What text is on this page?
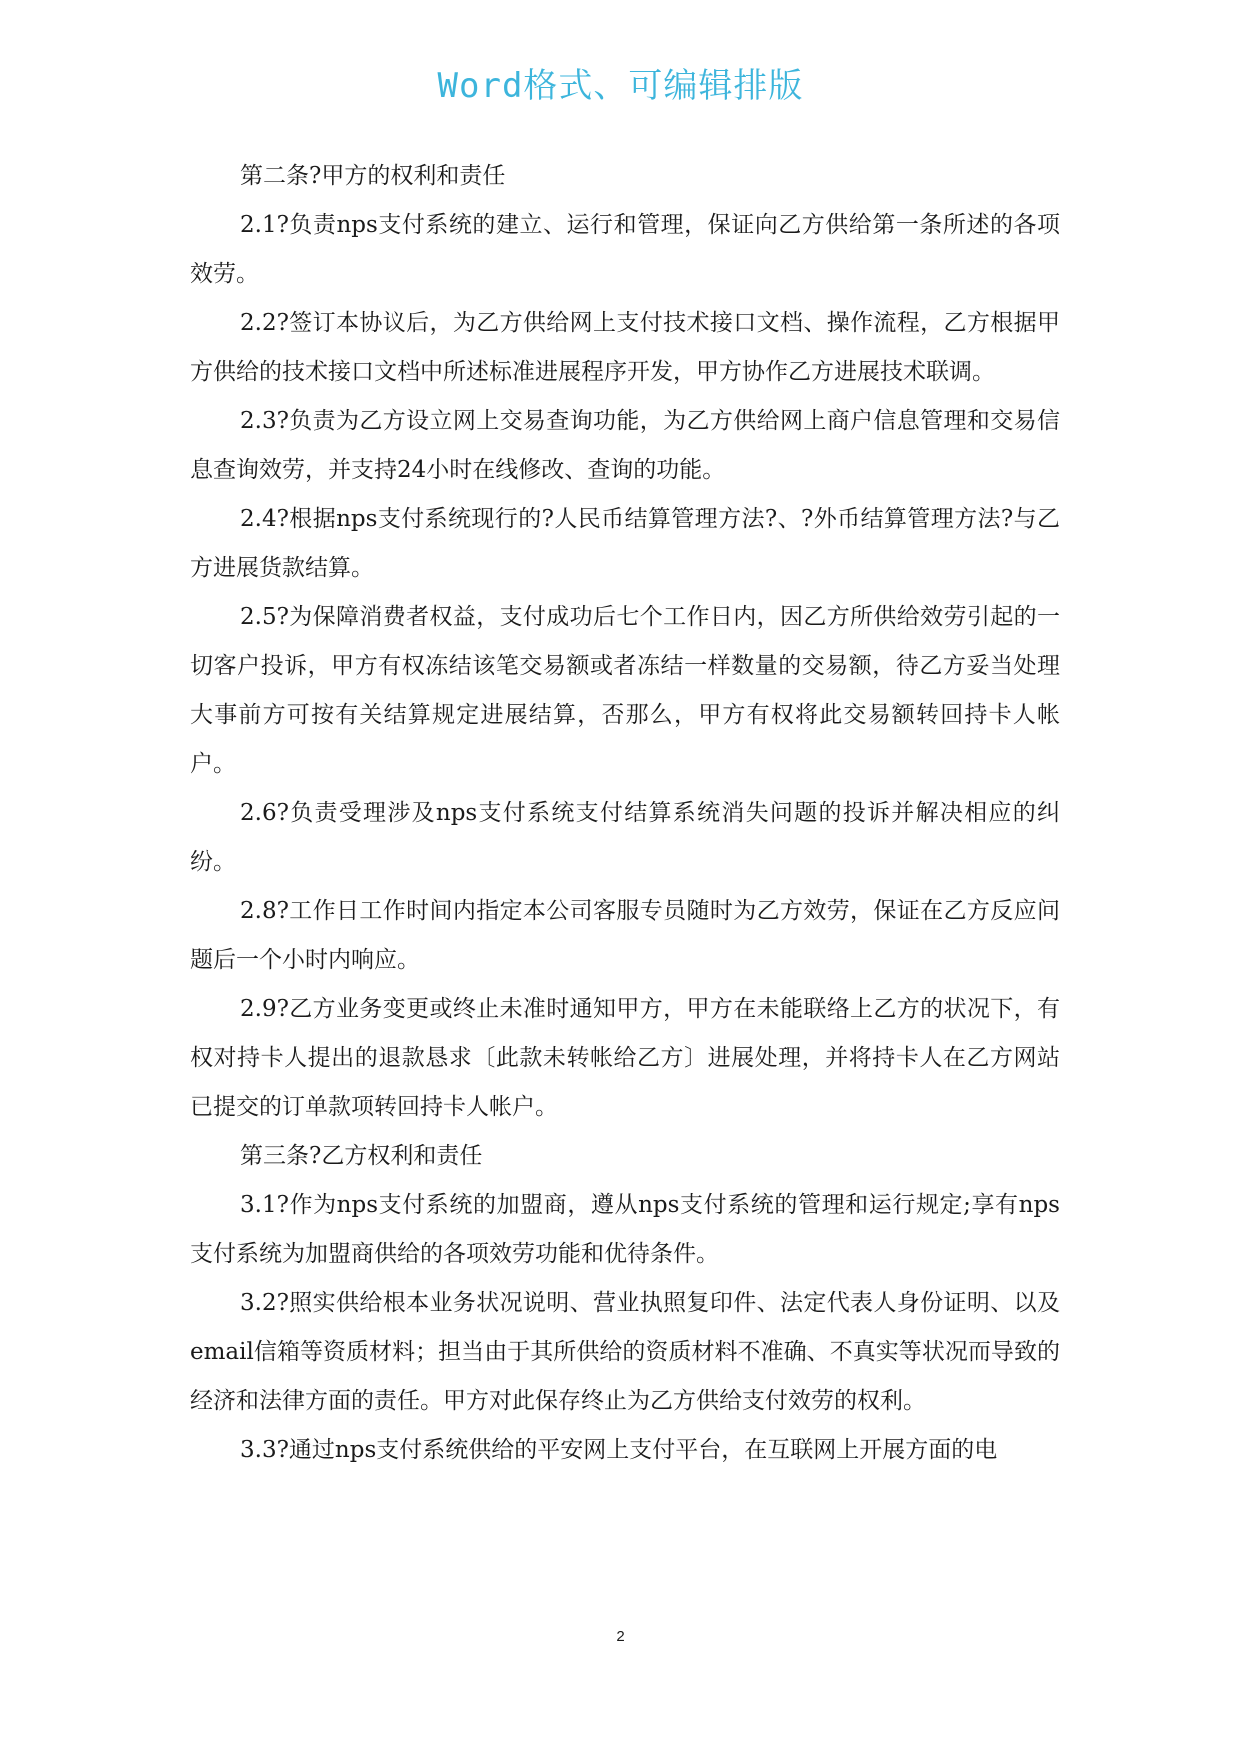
Word格式、可编辑排版

第二条?甲方的权利和责任

2.1?负责nps支付系统的建立、运行和管理，保证向乙方供给第一条所述的各项效劳。

2.2?签订本协议后，为乙方供给网上支付技术接口文档、操作流程，乙方根据甲方供给的技术接口文档中所述标准进展程序开发，甲方协作乙方进展技术联调。

2.3?负责为乙方设立网上交易查询功能，为乙方供给网上商户信息管理和交易信息查询效劳，并支持24小时在线修改、查询的功能。

2.4?根据nps支付系统现行的?人民币结算管理方法?、?外币结算管理方法?与乙方进展货款结算。

2.5?为保障消费者权益，支付成功后七个工作日内，因乙方所供给效劳引起的一切客户投诉，甲方有权冻结该笔交易额或者冻结一样数量的交易额，待乙方妥当处理大事前方可按有关结算规定进展结算，否那么，甲方有权将此交易额转回持卡人帐户。

2.6?负责受理涉及nps支付系统支付结算系统消失问题的投诉并解决相应的纠纷。

2.8?工作日工作时间内指定本公司客服专员随时为乙方效劳，保证在乙方反应问题后一个小时内响应。

2.9?乙方业务变更或终止未准时通知甲方，甲方在未能联络上乙方的状况下，有权对持卡人提出的退款恳求〔此款未转帐给乙方〕进展处理，并将持卡人在乙方网站已提交的订单款项转回持卡人帐户。

第三条?乙方权利和责任

3.1?作为nps支付系统的加盟商，遵从nps支付系统的管理和运行规定;享有nps支付系统为加盟商供给的各项效劳功能和优待条件。

3.2?照实供给根本业务状况说明、营业执照复印件、法定代表人身份证明、以及email信箱等资质材料；担当由于其所供给的资质材料不准确、不真实等状况而导致的经济和法律方面的责任。甲方对此保存终止为乙方供给支付效劳的权利。

3.3?通过nps支付系统供给的平安网上支付平台，在互联网上开展方面的电

2
